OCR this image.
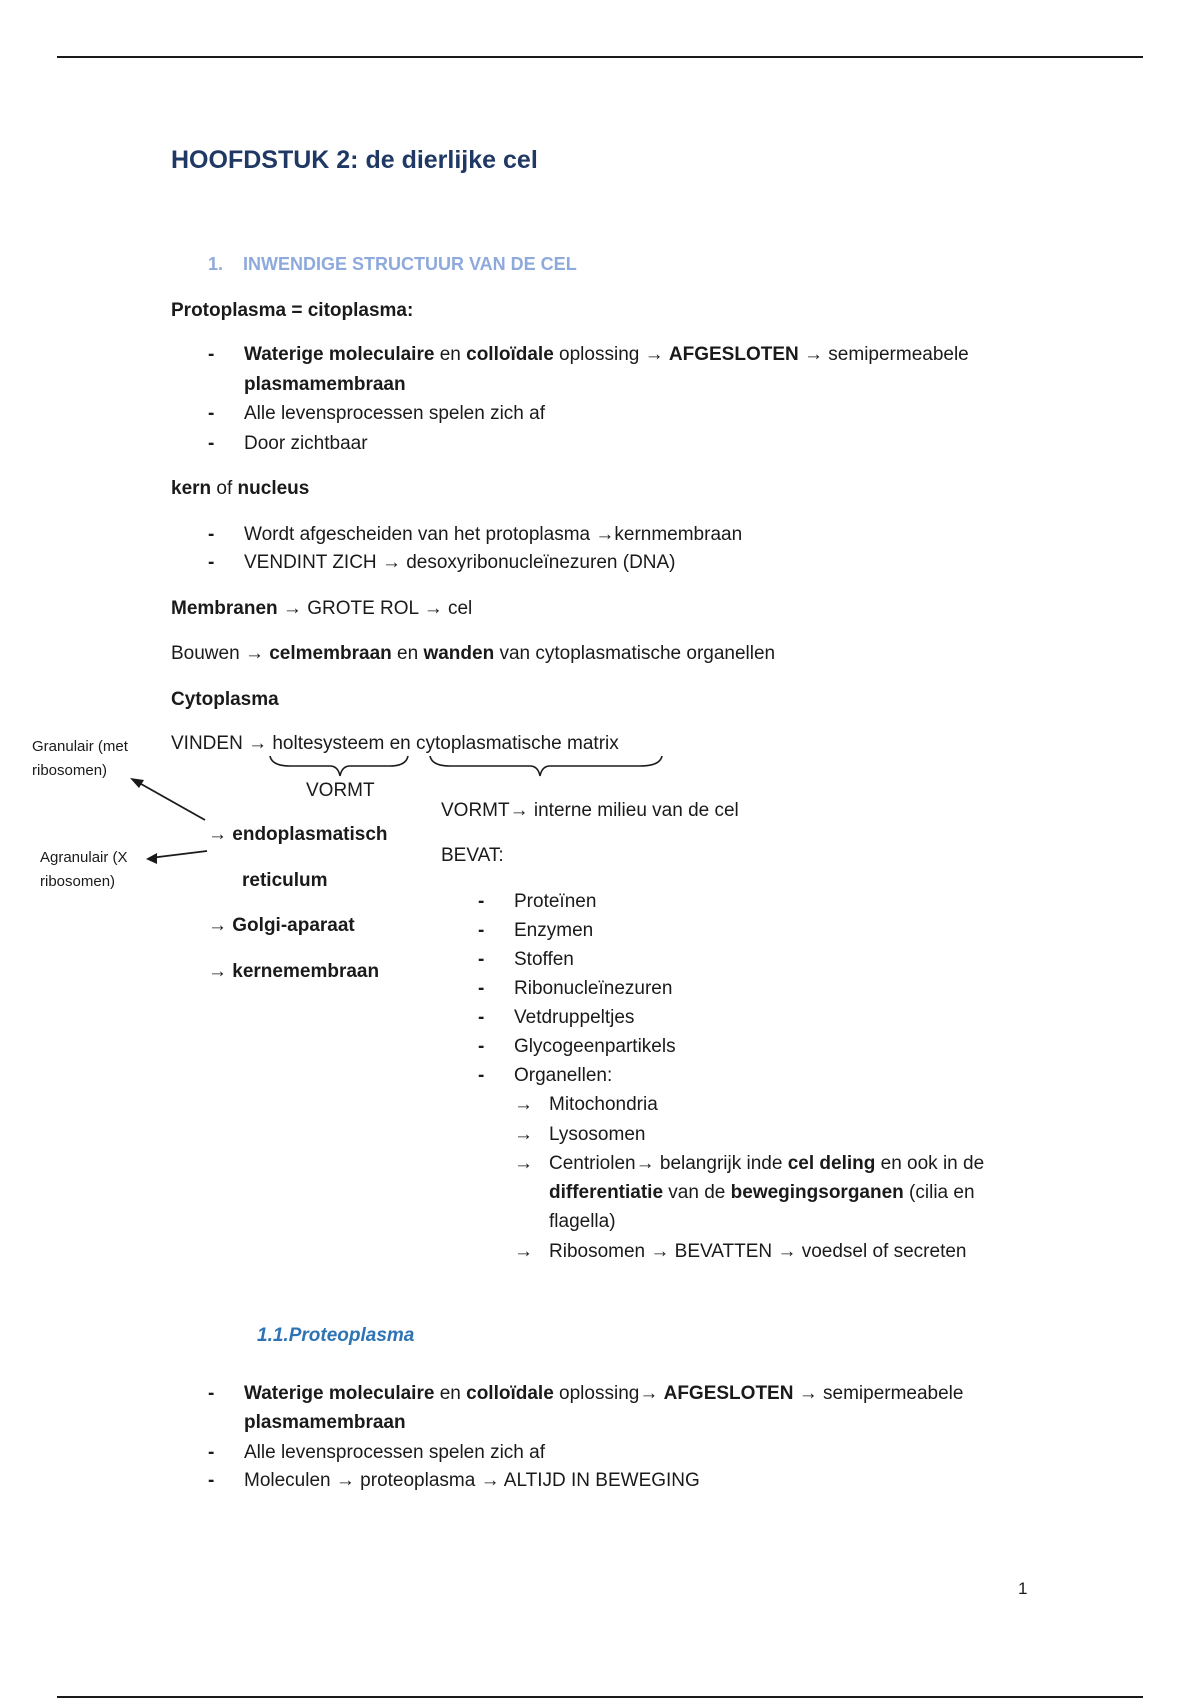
HOOFDSTUK 2: de dierlijke cel
1. INWENDIGE STRUCTUUR VAN DE CEL
Protoplasma = citoplasma:
- Waterige moleculaire en colloïdale oplossing → AFGESLOTEN → semipermeabele
plasmamembraan
- Alle levensprocessen spelen zich af
- Door zichtbaar
kern of nucleus
- Wordt afgescheiden van het protoplasma →kernmembraan
- VENDINT ZICH → desoxyribonucleïnezuren (DNA)
Membranen → GROTE ROL → cel
Bouwen → celmembraan en wanden van cytoplasmatische organellen
Cytoplasma
Granulair (met ribosomen)
Agranulair (X ribosomen)
VINDEN → holtesysteem en cytoplasmatische matrix
VORMT
→ endoplasmatisch
reticulum
→ Golgi-aparaat
→ kernemembraan
VORMT→ interne milieu van de cel
BEVAT:
- Proteïnen
- Enzymen
- Stoffen
- Ribonucleïnezuren
- Vetdruppeltjes
- Glycogeenpartikels
- Organellen:
→ Mitochondria
→ Lysosomen
→ Centriolen→ belangrijk inde cel deling en ook in de
differentiatie van de bewegingsorganen (cilia en
flagella)
→ Ribosomen → BEVATTEN → voedsel of secreten
1.1.Proteoplasma
- Waterige moleculaire en colloïdale oplossing→ AFGESLOTEN → semipermeabele
plasmamembraan
- Alle levensprocessen spelen zich af
- Moleculen → proteoplasma → ALTIJD IN BEWEGING
1
